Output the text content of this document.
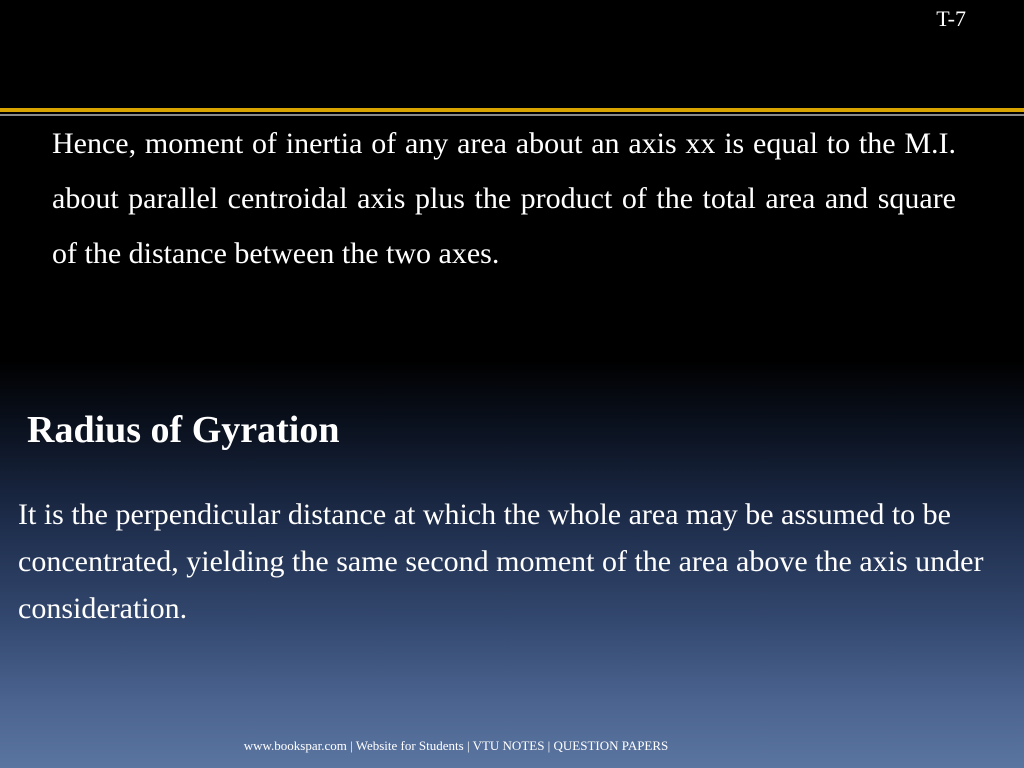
T-7

Hence, moment of inertia of any area about an axis xx is equal to the M.I. about parallel centroidal axis plus the product of the total area and square of the distance between the two axes.

Radius of Gyration

It is the perpendicular distance at which the whole area may be assumed to be concentrated, yielding the same second moment of the area above the axis under consideration.

www.bookspar.com | Website for Students | VTU NOTES | QUESTION PAPERS
